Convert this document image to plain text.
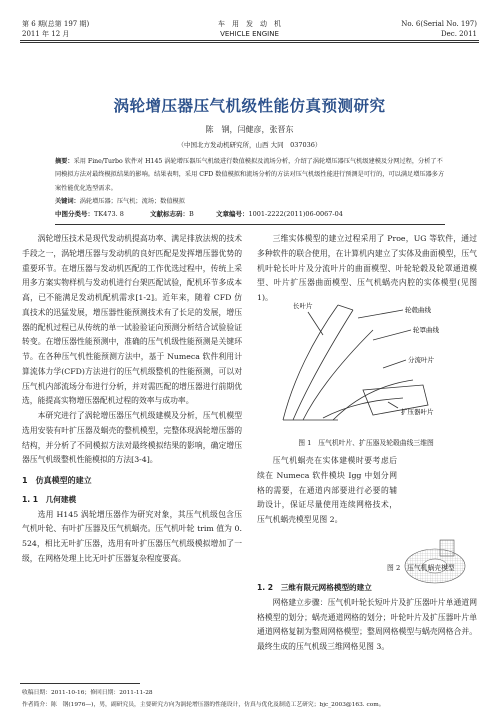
第 6 期(总第 197 期)
2011 年 12 月
车　用　发　动　机
VEHICLE ENGINE
No. 6(Serial No. 197)
Dec. 2011
涡轮增压器压气机级性能仿真预测研究
陈　钢，闫健彦，张晋东
（中国北方发动机研究所，山西 大同　037036）
摘要：采用 Fine/Turbo 软件对 H145 涡轮增压器压气机级进行数值模拟及流场分析，介绍了涡轮增压器压气机级建模及分网过程，分析了不同模拟方法对最终模拟结果的影响。结果表明，采用 CFD 数值模拟和流场分析的方法对压气机级性能进行预测是可行的，可以满足增压器多方案性能优化选型需求。
关键词：涡轮增压器；压气机；流场；数值模拟
中图分类号：TK473. 8	文献标志码：B	文章编号：1001-2222(2011)06-0067-04

涡轮增压技术是现代发动机提高功率、满足排放法规的技术手段之一，涡轮增压器与发动机的良好匹配是发挥增压器优势的重要环节。在增压器与发动机匹配的工作优选过程中，传统上采用多方案实物样机与发动机进行台架匹配试验，配机环节多成本高，已不能满足发动机配机需求[1-2]。近年来，随着 CFD 仿真技术的迅猛发展，增压器性能预测技术有了长足的发展，增压器的配机过程已从传统的单一试验验证向预测分析结合试验验证转变。在增压器性能预测中，准确的压气机级性能预测是关键环节。在各种压气机性能预测方法中，基于 Numeca 软件利用计算流体力学(CFD)方法进行的压气机级整机的性能预测，可以对压气机内部流场分布进行分析，并对需匹配的增压器进行前期优选，能提高实物增压器配机过程的效率与成功率。

本研究进行了涡轮增压器压气机级建模及分析，压气机模型选用安装有叶扩压器及蜗壳的整机模型，完整体现涡轮增压器的结构，并分析了不同模拟方法对最终模拟结果的影响，确定增压器压气机级整机性能模拟的方法[3-4]。

1　仿真模型的建立
1. 1　几何建模

选用 H145 涡轮增压器作为研究对象，其压气机级包含压气机叶轮、有叶扩压器及压气机蜗壳。压气机叶轮 trim 值为 0. 524，相比无叶扩压器，选用有叶扩压器压气机级模拟增加了一级，在网格处理上比无叶扩压器复杂程度要高。

三维实体模型的建立过程采用了 Proe，UG 等软件，通过多种软件的联合使用，在计算机内建立了实体及曲面模型，压气机叶轮长叶片及分流叶片的曲面模型、叶轮轮毂及轮罩通道模型、叶片扩压器曲面模型、压气机蜗壳内腔的实体模型(见图 1)。

轮毂曲线
长叶片
轮罩曲线
分流叶片
扩压器叶片
图 1　压气机叶片、扩压器及轮毂曲线三维图

压气机蜗壳在实体建模时要考虑后续在 Numeca 软件模块 Igg 中划分网格的需要，在通道内部要进行必要的辅助设计，保证尽量使用连续网格技术，压气机蜗壳模型见图 2。

图 2　压气机蜗壳模型
1. 2　三维有限元网格模型的建立

网格建立步骤：压气机叶轮长短叶片及扩压器叶片单通道网格模型的划分；蜗壳通道网格的划分；叶轮叶片及扩压器叶片单通道网格复制为整周网格模型；整周网格模型与蜗壳网格合并。最终生成的压气机级三维网格见图 3。

收稿日期：2011-10-16；修回日期：2011-11-28
作者简介：陈　钢(1976—)，男，副研究员，主要研究方向为涡轮增压器的性能设计，仿真与优化及制造工艺研究；bjc_2003@163. com。
